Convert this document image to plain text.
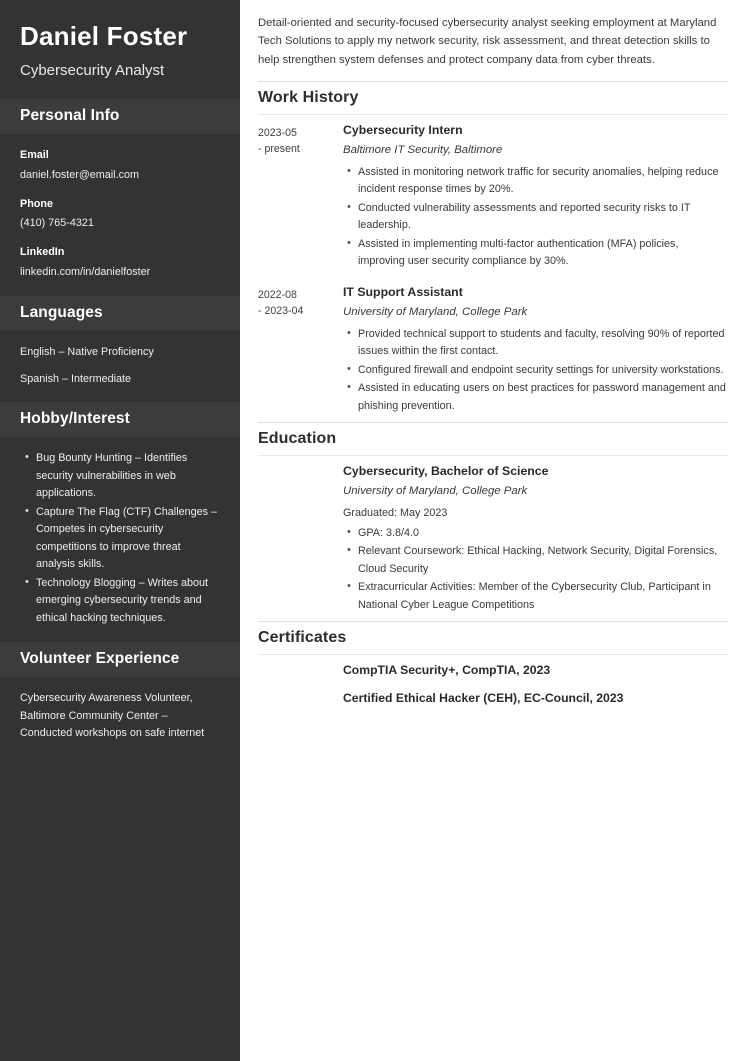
Daniel Foster
Cybersecurity Analyst
Personal Info
Email
daniel.foster@email.com
Phone
(410) 765-4321
LinkedIn
linkedin.com/in/danielfoster
Languages
English – Native Proficiency
Spanish – Intermediate
Hobby/Interest
• Bug Bounty Hunting – Identifies security vulnerabilities in web applications.
• Capture The Flag (CTF) Challenges – Competes in cybersecurity competitions to improve threat analysis skills.
• Technology Blogging – Writes about emerging cybersecurity trends and ethical hacking techniques.
Volunteer Experience
Cybersecurity Awareness Volunteer, Baltimore Community Center – Conducted workshops on safe internet

Detail-oriented and security-focused cybersecurity analyst seeking employment at Maryland Tech Solutions to apply my network security, risk assessment, and threat detection skills to help strengthen system defenses and protect company data from cyber threats.

Work History
2023-05
- present
Cybersecurity Intern
Baltimore IT Security, Baltimore
• Assisted in monitoring network traffic for security anomalies, helping reduce incident response times by 20%.
• Conducted vulnerability assessments and reported security risks to IT leadership.
• Assisted in implementing multi-factor authentication (MFA) policies, improving user security compliance by 30%.
2022-08
- 2023-04
IT Support Assistant
University of Maryland, College Park
• Provided technical support to students and faculty, resolving 90% of reported issues within the first contact.
• Configured firewall and endpoint security settings for university workstations.
• Assisted in educating users on best practices for password management and phishing prevention.
Education
Cybersecurity, Bachelor of Science
University of Maryland, College Park
Graduated: May 2023
• GPA: 3.8/4.0
• Relevant Coursework: Ethical Hacking, Network Security, Digital Forensics, Cloud Security
• Extracurricular Activities: Member of the Cybersecurity Club, Participant in National Cyber League Competitions
Certificates
CompTIA Security+, CompTIA, 2023
Certified Ethical Hacker (CEH), EC-Council, 2023
